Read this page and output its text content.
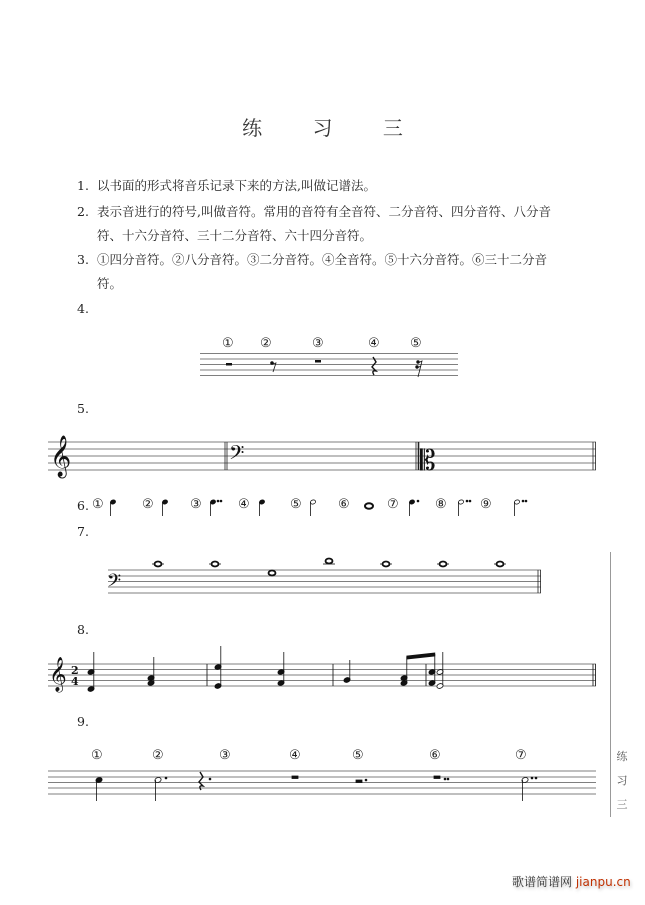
练 习 三
1. 以书面的形式将音乐记录下来的方法,叫做记谱法。
2. 表示音进行的符号,叫做音符。常用的音符有全音符、二分音符、四分音符、八分音
符、十六分音符、三十二分音符、六十四分音符。
3. ①四分音符。②八分音符。③二分音符。④全音符。⑤十六分音符。⑥三十二分音
符。
4.
① ②	③	④ ⑤
5.
𝄞	𝄢	𝄡
6. ①	②	③	④	⑤	⑥	⑦	⑧	⑨
7.
𝄢
8.
𝄞 2
4
9.
①	②	③	④	⑤	⑥	⑦	练
习
三
歌谱简谱网 jianpu.cn
